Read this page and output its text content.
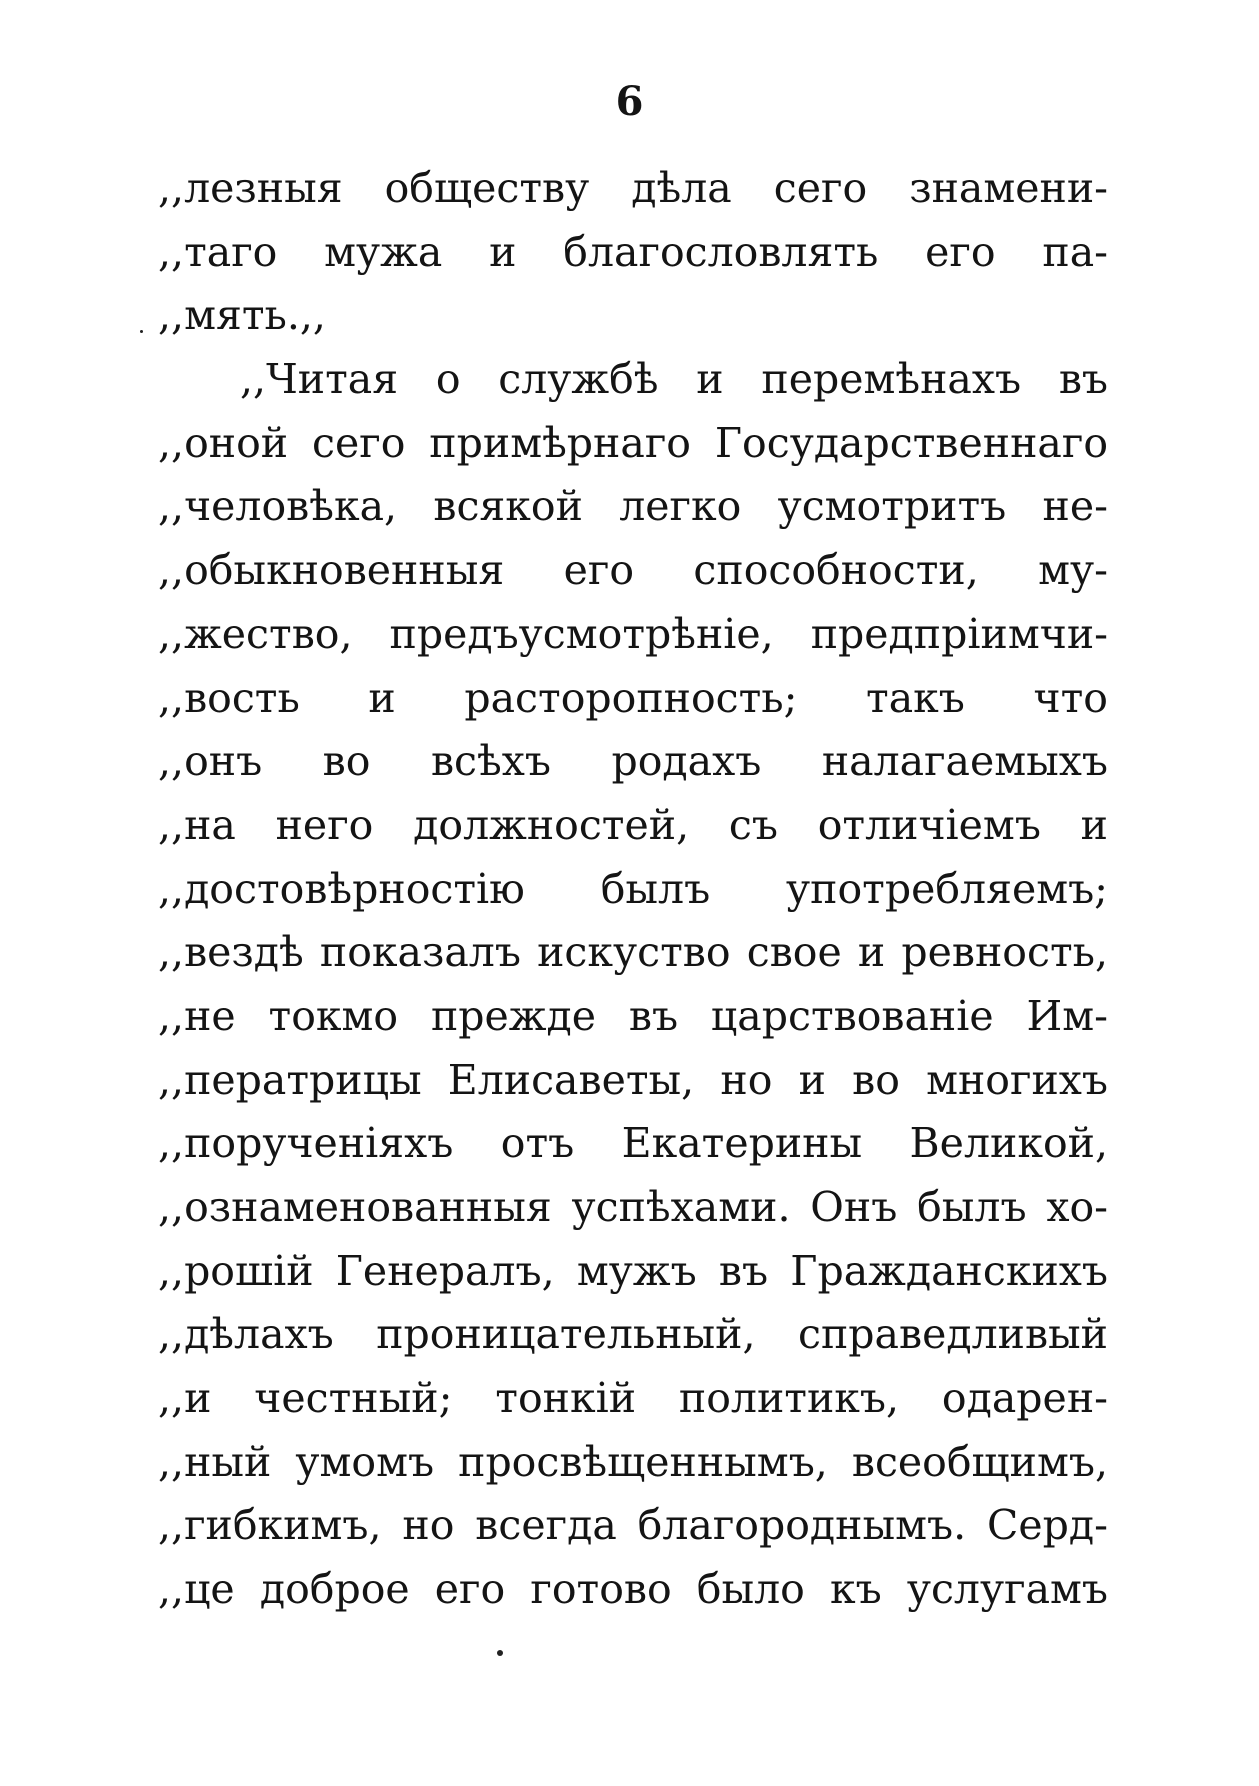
6
,,лезныя обществу дѣла сего знамени-
,,таго мужа и благословлять его па-
,,мять.,,
,,Читая о службѣ и перемѣнахъ въ
,,оной сего примѣрнаго Государственнаго
,,человѣка, всякой легко усмотритъ не-
,,обыкновенныя его способности, му-
,,жество, предъусмотрѣніе, предпріимчи-
,,вость и расторопность; такъ что
,,онъ во всѣхъ родахъ налагаемыхъ
,,на него должностей, съ отличіемъ и
,,достовѣрностію былъ употребляемъ;
,,вездѣ показалъ искуство свое и ревность,
,,не токмо прежде въ царствованіе Им-
,,ператрицы Елисаветы, но и во многихъ
,,порученіяхъ отъ Екатерины Великой,
,,ознаменованныя успѣхами. Онъ былъ хо-
,,рошій Генералъ, мужъ въ Гражданскихъ
,,дѣлахъ проницательный, справедливый
,,и честный; тонкій политикъ, одарен-
,,ный умомъ просвѣщеннымъ, всеобщимъ,
,,гибкимъ, но всегда благороднымъ. Серд-
,,це доброе его готово было къ услугамъ
